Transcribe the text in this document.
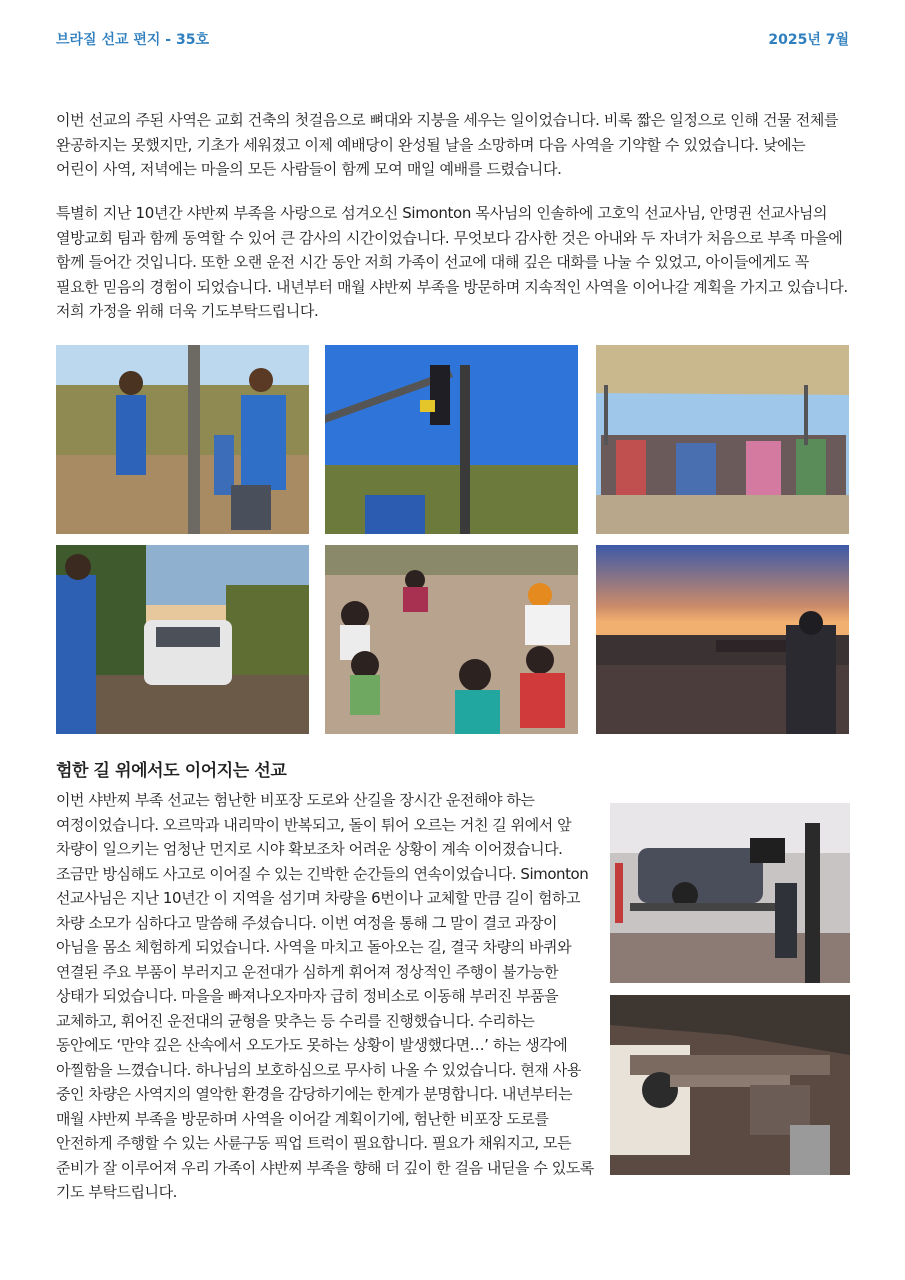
브라질 선교 편지 - 35호	2025년 7월

이번 선교의 주된 사역은 교회 건축의 첫걸음으로 뼈대와 지붕을 세우는 일이었습니다. 비록 짧은 일정으로 인해 건물 전체를 완공하지는 못했지만, 기초가 세워졌고 이제 예배당이 완성될 날을 소망하며 다음 사역을 기약할 수 있었습니다. 낮에는 어린이 사역, 저녁에는 마을의 모든 사람들이 함께 모여 매일 예배를 드렸습니다.

특별히 지난 10년간 샤반찌 부족을 사랑으로 섬겨오신 Simonton 목사님의 인솔하에 고호익 선교사님, 안명권 선교사님의 열방교회 팀과 함께 동역할 수 있어 큰 감사의 시간이었습니다. 무엇보다 감사한 것은 아내와 두 자녀가 처음으로 부족 마을에 함께 들어간 것입니다. 또한 오랜 운전 시간 동안 저희 가족이 선교에 대해 깊은 대화를 나눌 수 있었고, 아이들에게도 꼭 필요한 믿음의 경험이 되었습니다. 내년부터 매월 샤반찌 부족을 방문하며 지속적인 사역을 이어나갈 계획을 가지고 있습니다. 저희 가정을 위해 더욱 기도부탁드립니다.

험한 길 위에서도 이어지는 선교

이번 샤반찌 부족 선교는 험난한 비포장 도로와 산길을 장시간 운전해야 하는 여정이었습니다. 오르막과 내리막이 반복되고, 돌이 튀어 오르는 거친 길 위에서 앞 차량이 일으키는 엄청난 먼지로 시야 확보조차 어려운 상황이 계속 이어졌습니다. 조금만 방심해도 사고로 이어질 수 있는 긴박한 순간들의 연속이었습니다. Simonton 선교사님은 지난 10년간 이 지역을 섬기며 차량을 6번이나 교체할 만큼 길이 험하고 차량 소모가 심하다고 말씀해 주셨습니다. 이번 여정을 통해 그 말이 결코 과장이 아님을 몸소 체험하게 되었습니다. 사역을 마치고 돌아오는 길, 결국 차량의 바퀴와 연결된 주요 부품이 부러지고 운전대가 심하게 휘어져 정상적인 주행이 불가능한 상태가 되었습니다. 마을을 빠져나오자마자 급히 정비소로 이동해 부러진 부품을 교체하고, 휘어진 운전대의 균형을 맞추는 등 수리를 진행했습니다. 수리하는 동안에도 ‘만약 깊은 산속에서 오도가도 못하는 상황이 발생했다면…’ 하는 생각에 아찔함을 느꼈습니다. 하나님의 보호하심으로 무사히 나올 수 있었습니다. 현재 사용 중인 차량은 사역지의 열악한 환경을 감당하기에는 한계가 분명합니다. 내년부터는 매월 샤반찌 부족을 방문하며 사역을 이어갈 계획이기에, 험난한 비포장 도로를 안전하게 주행할 수 있는 사륜구동 픽업 트럭이 필요합니다. 필요가 채워지고, 모든 준비가 잘 이루어져 우리 가족이 샤반찌 부족을 향해 더 깊이 한 걸음 내딛을 수 있도록 기도 부탁드립니다.
